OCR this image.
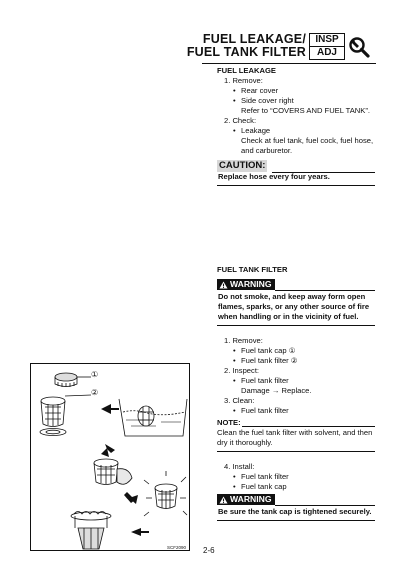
FUEL LEAKAGE/
FUEL TANK FILTER
INSP
ADJ
FUEL LEAKAGE
1. Remove:
• Rear cover
• Side cover right
Refer to “COVERS AND FUEL TANK”.
2. Check:
• Leakage
Check at fuel tank, fuel cock, fuel hose,
and carburetor.
CAUTION:
Replace hose every four years.
FUEL TANK FILTER
WARNING
Do not smoke, and keep away form open
flames, sparks, or any other source of fire
when handling or in the vicinity of fuel.
1. Remove:
• Fuel tank cap ①
• Fuel tank filter ②
2. Inspect:
• Fuel tank filter
Damage → Replace.
3. Clean:
• Fuel tank filter
NOTE:
Clean the fuel tank filter with solvent, and then
dry it thoroughly.
4. Install:
• Fuel tank filter
• Fuel tank cap
WARNING
Be sure the tank cap is tightened securely.
①
②
SCF2090 2-6
